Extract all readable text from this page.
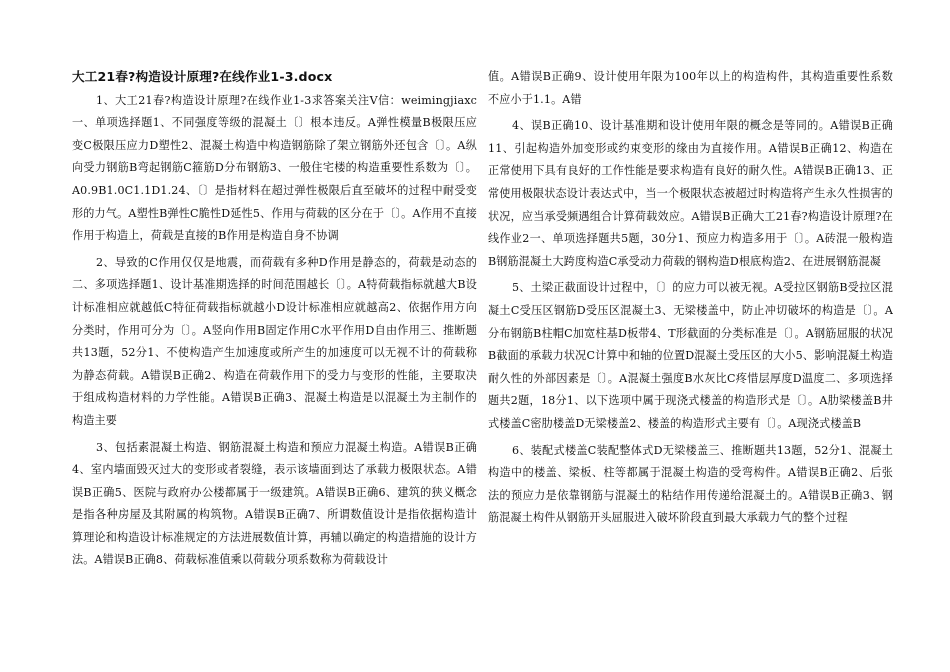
大工21春?构造设计原理?在线作业1-3.docx

1、大工21春?构造设计原理?在线作业1-3求答案关注V信：weimingjiaxc一、单项选择题1、不同强度等级的混凝土〔〕根本违反。A弹性模量B极限压应变C极限压应力D塑性2、混凝土构造中构造钢筋除了架立钢筋外还包含〔〕。A纵向受力钢筋B弯起钢筋C箍筋D分布钢筋3、一般住宅楼的构造重要性系数为〔〕。A0.9B1.0C1.1D1.24、〔〕是指材料在超过弹性极限后直至破坏的过程中耐受变形的力气。A塑性B弹性C脆性D延性5、作用与荷载的区分在于〔〕。A作用不直接作用于构造上，荷载是直接的B作用是构造自身不协调

2、导致的C作用仅仅是地震，而荷载有多种D作用是静态的，荷载是动态的二、多项选择题1、设计基准期选择的时间范围越长〔〕。A特荷载指标就越大B设计标准相应就越低C特征荷载指标就越小D设计标准相应就越高2、依据作用方向分类时，作用可分为〔〕。A竖向作用B固定作用C水平作用D自由作用三、推断题共13题，52分1、不使构造产生加速度或所产生的加速度可以无视不计的荷载称为静态荷载。A错误B正确2、构造在荷载作用下的受力与变形的性能，主要取决于组成构造材料的力学性能。A错误B正确3、混凝土构造是以混凝土为主制作的构造主要

3、包括素混凝土构造、钢筋混凝土构造和预应力混凝土构造。A错误B正确4、室内墙面毁灭过大的变形或者裂缝，表示该墙面到达了承载力极限状态。A错误B正确5、医院与政府办公楼都属于一级建筑。A错误B正确6、建筑的狭义概念是指各种房屋及其附属的构筑物。A错误B正确7、所谓数值设计是指依据构造计算理论和构造设计标准规定的方法进展数值计算，再辅以确定的构造措施的设计方法。A错误B正确8、荷载标准值乘以荷载分项系数称为荷载设计

值。A错误B正确9、设计使用年限为100年以上的构造构件，其构造重要性系数不应小于1.1。A错

4、误B正确10、设计基准期和设计使用年限的概念是等同的。A错误B正确11、引起构造外加变形或约束变形的缘由为直接作用。A错误B正确12、构造在正常使用下具有良好的工作性能是要求构造有良好的耐久性。A错误B正确13、正常使用极限状态设计表达式中，当一个极限状态被超过时构造将产生永久性损害的状况，应当承受频遇组合计算荷载效应。A错误B正确大工21春?构造设计原理?在线作业2一、单项选择题共5题，30分1、预应力构造多用于〔〕。A砖混一般构造B钢筋混凝土大跨度构造C承受动力荷载的钢构造D根底构造2、在进展钢筋混凝

5、土梁正截面设计过程中，〔〕的应力可以被无视。A受拉区钢筋B受拉区混凝土C受压区钢筋D受压区混凝土3、无梁楼盖中，防止冲切破坏的构造是〔〕。A分布钢筋B柱帽C加宽柱基D板带4、T形截面的分类标准是〔〕。A钢筋屈服的状况B截面的承载力状况C计算中和轴的位置D混凝土受压区的大小5、影响混凝土构造耐久性的外部因素是〔〕。A混凝土强度B水灰比C疼惜层厚度D温度二、多项选择题共2题，18分1、以下选项中属于现浇式楼盖的构造形式是〔〕。A肋梁楼盖B井式楼盖C密肋楼盖D无梁楼盖2、楼盖的构造形式主要有〔〕。A现浇式楼盖B

6、装配式楼盖C装配整体式D无梁楼盖三、推断题共13题，52分1、混凝土构造中的楼盖、梁板、柱等都属于混凝土构造的受弯构件。A错误B正确2、后张法的预应力是依靠钢筋与混凝土的粘结作用传递给混凝土的。A错误B正确3、钢筋混凝土构件从钢筋开头屈服进入破坏阶段直到最大承载力气的整个过程
